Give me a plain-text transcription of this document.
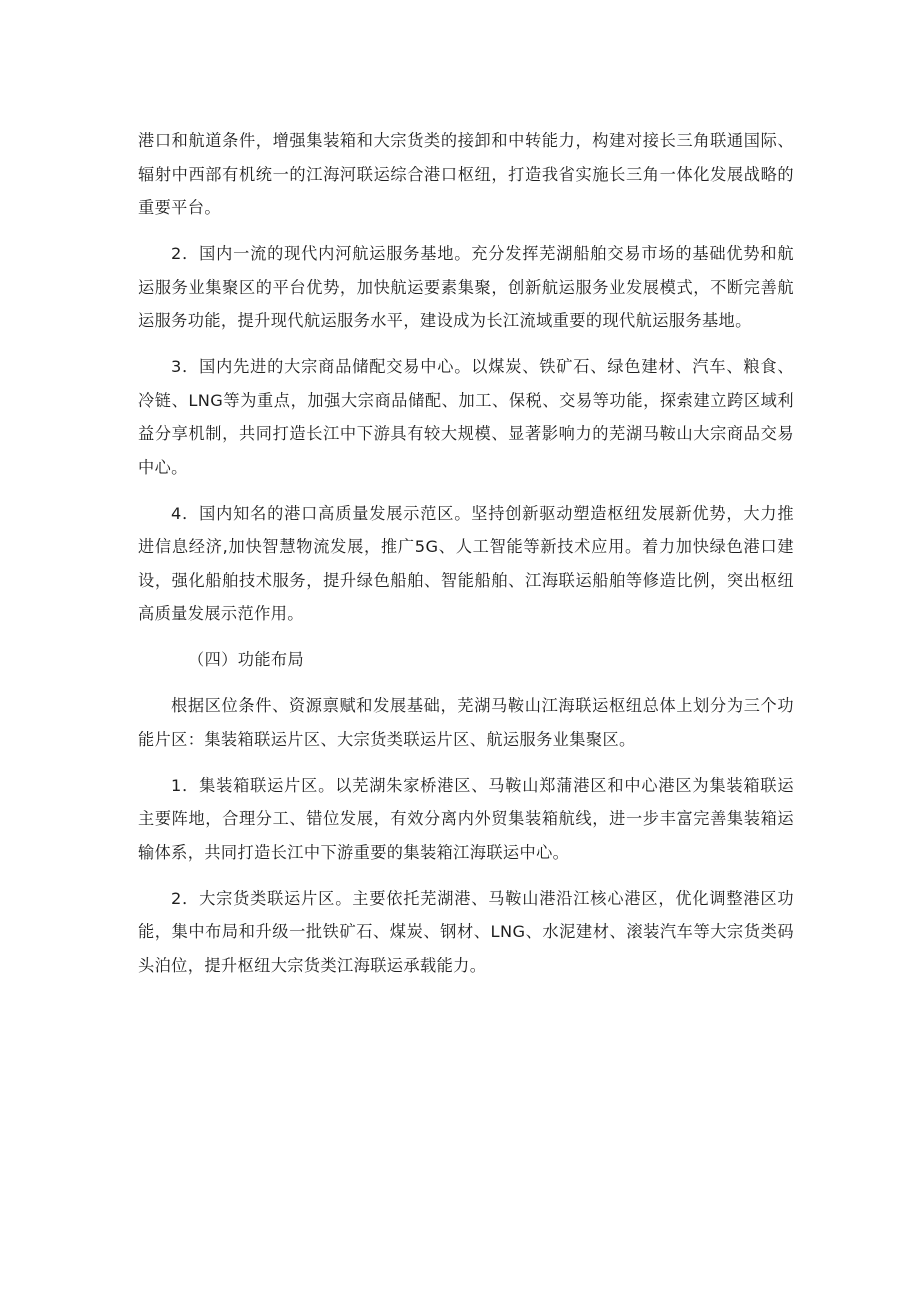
港口和航道条件，增强集装箱和大宗货类的接卸和中转能力，构建对接长三角联通国际、辐射中西部有机统一的江海河联运综合港口枢纽，打造我省实施长三角一体化发展战略的重要平台。

2．国内一流的现代内河航运服务基地。充分发挥芜湖船舶交易市场的基础优势和航运服务业集聚区的平台优势，加快航运要素集聚，创新航运服务业发展模式，不断完善航运服务功能，提升现代航运服务水平，建设成为长江流域重要的现代航运服务基地。

3．国内先进的大宗商品储配交易中心。以煤炭、铁矿石、绿色建材、汽车、粮食、冷链、LNG等为重点，加强大宗商品储配、加工、保税、交易等功能，探索建立跨区域利益分享机制，共同打造长江中下游具有较大规模、显著影响力的芜湖马鞍山大宗商品交易中心。

4．国内知名的港口高质量发展示范区。坚持创新驱动塑造枢纽发展新优势，大力推进信息经济,加快智慧物流发展，推广5G、人工智能等新技术应用。着力加快绿色港口建设，强化船舶技术服务，提升绿色船舶、智能船舶、江海联运船舶等修造比例，突出枢纽高质量发展示范作用。

（四）功能布局

根据区位条件、资源禀赋和发展基础，芜湖马鞍山江海联运枢纽总体上划分为三个功能片区：集装箱联运片区、大宗货类联运片区、航运服务业集聚区。

1．集装箱联运片区。以芜湖朱家桥港区、马鞍山郑蒲港区和中心港区为集装箱联运主要阵地，合理分工、错位发展，有效分离内外贸集装箱航线，进一步丰富完善集装箱运输体系，共同打造长江中下游重要的集装箱江海联运中心。

2．大宗货类联运片区。主要依托芜湖港、马鞍山港沿江核心港区，优化调整港区功能，集中布局和升级一批铁矿石、煤炭、钢材、LNG、水泥建材、滚装汽车等大宗货类码头泊位，提升枢纽大宗货类江海联运承载能力。
